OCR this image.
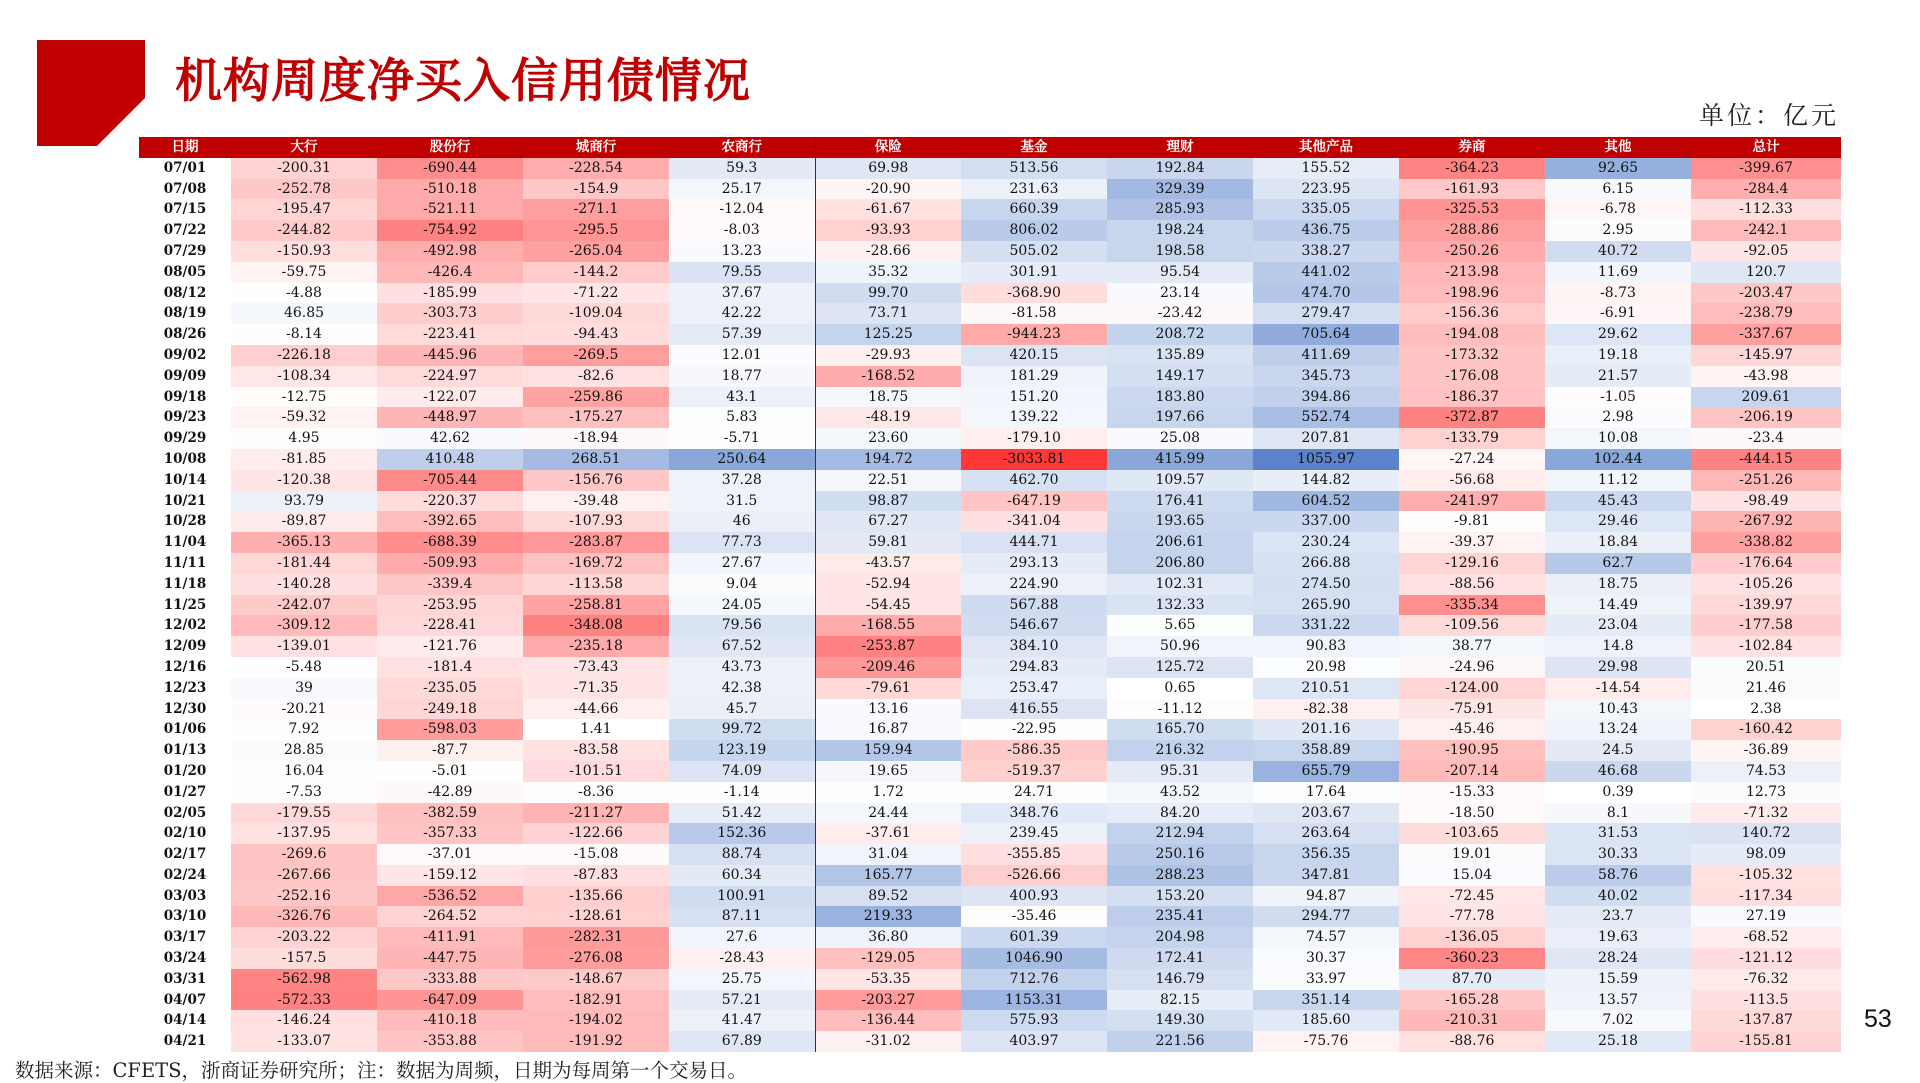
机构周度净买入信用债情况
单位：亿元
日期	大行	股份行	城商行	农商行	保险	基金	理财	其他产品	券商	其他	总计
07/01	-200.31	-690.44	-228.54	59.3	69.98	513.56	192.84	155.52	-364.23	92.65	-399.67
07/08	-252.78	-510.18	-154.9	25.17	-20.90	231.63	329.39	223.95	-161.93	6.15	-284.4
07/15	-195.47	-521.11	-271.1	-12.04	-61.67	660.39	285.93	335.05	-325.53	-6.78	-112.33
07/22	-244.82	-754.92	-295.5	-8.03	-93.93	806.02	198.24	436.75	-288.86	2.95	-242.1
07/29	-150.93	-492.98	-265.04	13.23	-28.66	505.02	198.58	338.27	-250.26	40.72	-92.05
08/05	-59.75	-426.4	-144.2	79.55	35.32	301.91	95.54	441.02	-213.98	11.69	120.7
08/12	-4.88	-185.99	-71.22	37.67	99.70	-368.90	23.14	474.70	-198.96	-8.73	-203.47
08/19	46.85	-303.73	-109.04	42.22	73.71	-81.58	-23.42	279.47	-156.36	-6.91	-238.79
08/26	-8.14	-223.41	-94.43	57.39	125.25	-944.23	208.72	705.64	-194.08	29.62	-337.67
09/02	-226.18	-445.96	-269.5	12.01	-29.93	420.15	135.89	411.69	-173.32	19.18	-145.97
09/09	-108.34	-224.97	-82.6	18.77	-168.52	181.29	149.17	345.73	-176.08	21.57	-43.98
09/18	-12.75	-122.07	-259.86	43.1	18.75	151.20	183.80	394.86	-186.37	-1.05	209.61
09/23	-59.32	-448.97	-175.27	5.83	-48.19	139.22	197.66	552.74	-372.87	2.98	-206.19
09/29	4.95	42.62	-18.94	-5.71	23.60	-179.10	25.08	207.81	-133.79	10.08	-23.4
10/08	-81.85	410.48	268.51	250.64	194.72	-3033.81	415.99	1055.97	-27.24	102.44	-444.15
10/14	-120.38	-705.44	-156.76	37.28	22.51	462.70	109.57	144.82	-56.68	11.12	-251.26
10/21	93.79	-220.37	-39.48	31.5	98.87	-647.19	176.41	604.52	-241.97	45.43	-98.49
10/28	-89.87	-392.65	-107.93	46	67.27	-341.04	193.65	337.00	-9.81	29.46	-267.92
11/04	-365.13	-688.39	-283.87	77.73	59.81	444.71	206.61	230.24	-39.37	18.84	-338.82
11/11	-181.44	-509.93	-169.72	27.67	-43.57	293.13	206.80	266.88	-129.16	62.7	-176.64
11/18	-140.28	-339.4	-113.58	9.04	-52.94	224.90	102.31	274.50	-88.56	18.75	-105.26
11/25	-242.07	-253.95	-258.81	24.05	-54.45	567.88	132.33	265.90	-335.34	14.49	-139.97
12/02	-309.12	-228.41	-348.08	79.56	-168.55	546.67	5.65	331.22	-109.56	23.04	-177.58
12/09	-139.01	-121.76	-235.18	67.52	-253.87	384.10	50.96	90.83	38.77	14.8	-102.84
12/16	-5.48	-181.4	-73.43	43.73	-209.46	294.83	125.72	20.98	-24.96	29.98	20.51
12/23	39	-235.05	-71.35	42.38	-79.61	253.47	0.65	210.51	-124.00	-14.54	21.46
12/30	-20.21	-249.18	-44.66	45.7	13.16	416.55	-11.12	-82.38	-75.91	10.43	2.38
01/06	7.92	-598.03	1.41	99.72	16.87	-22.95	165.70	201.16	-45.46	13.24	-160.42
01/13	28.85	-87.7	-83.58	123.19	159.94	-586.35	216.32	358.89	-190.95	24.5	-36.89
01/20	16.04	-5.01	-101.51	74.09	19.65	-519.37	95.31	655.79	-207.14	46.68	74.53
01/27	-7.53	-42.89	-8.36	-1.14	1.72	24.71	43.52	17.64	-15.33	0.39	12.73
02/05	-179.55	-382.59	-211.27	51.42	24.44	348.76	84.20	203.67	-18.50	8.1	-71.32
02/10	-137.95	-357.33	-122.66	152.36	-37.61	239.45	212.94	263.64	-103.65	31.53	140.72
02/17	-269.6	-37.01	-15.08	88.74	31.04	-355.85	250.16	356.35	19.01	30.33	98.09
02/24	-267.66	-159.12	-87.83	60.34	165.77	-526.66	288.23	347.81	15.04	58.76	-105.32
03/03	-252.16	-536.52	-135.66	100.91	89.52	400.93	153.20	94.87	-72.45	40.02	-117.34
03/10	-326.76	-264.52	-128.61	87.11	219.33	-35.46	235.41	294.77	-77.78	23.7	27.19
03/17	-203.22	-411.91	-282.31	27.6	36.80	601.39	204.98	74.57	-136.05	19.63	-68.52
03/24	-157.5	-447.75	-276.08	-28.43	-129.05	1046.90	172.41	30.37	-360.23	28.24	-121.12
03/31	-562.98	-333.88	-148.67	25.75	-53.35	712.76	146.79	33.97	87.70	15.59	-76.32
04/07	-572.33	-647.09	-182.91	57.21	-203.27	1153.31	82.15	351.14	-165.28	13.57	-113.5
04/14	-146.24	-410.18	-194.02	41.47	-136.44	575.93	149.30	185.60	-210.31	7.02	-137.87
04/21	-133.07	-353.88	-191.92	67.89	-31.02	403.97	221.56	-75.76	-88.76	25.18	-155.81
53
数据来源：CFETS，浙商证券研究所；注：数据为周频，日期为每周第一个交易日。
